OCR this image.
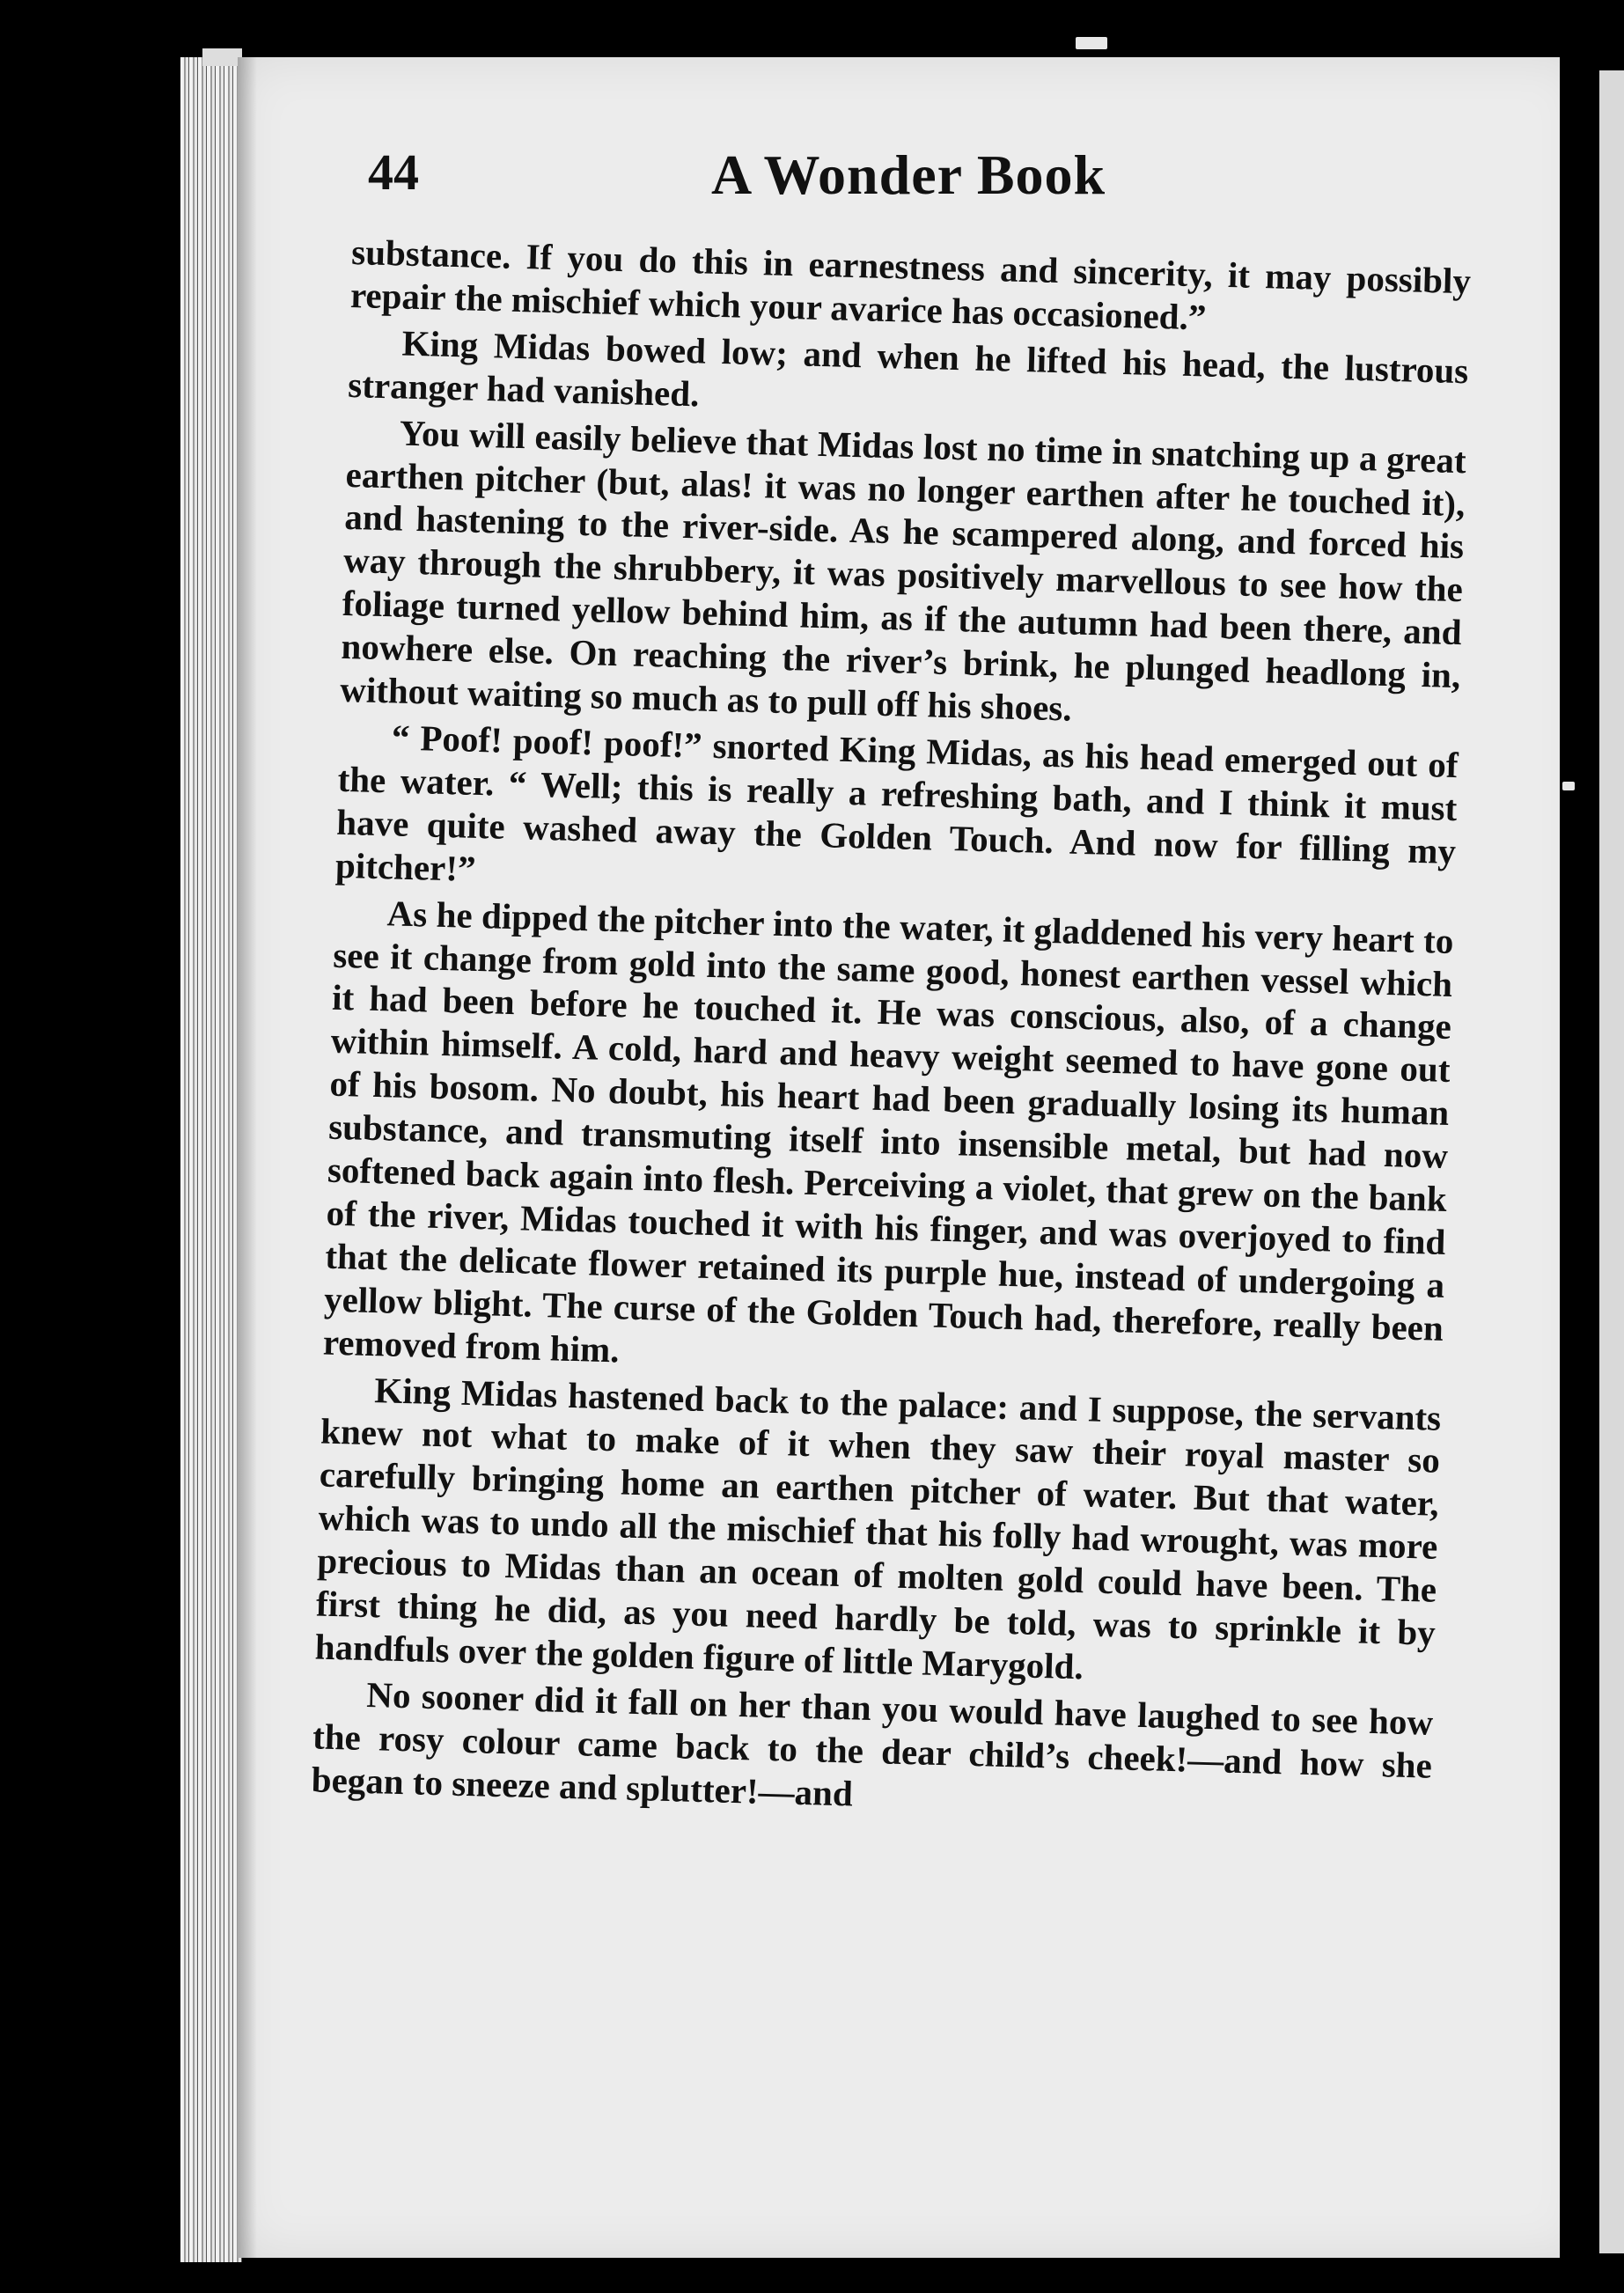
44	A Wonder Book

substance. If you do this in earnestness and sincerity, it may possibly repair the mischief which your avarice has occasioned.”

King Midas bowed low; and when he lifted his head, the lustrous stranger had vanished.

You will easily believe that Midas lost no time in snatching up a great earthen pitcher (but, alas! it was no longer earthen after he touched it), and hastening to the river-side. As he scampered along, and forced his way through the shrubbery, it was positively marvellous to see how the foliage turned yellow behind him, as if the autumn had been there, and nowhere else. On reaching the river’s brink, he plunged headlong in, without waiting so much as to pull off his shoes.

“ Poof! poof! poof!” snorted King Midas, as his head emerged out of the water. “ Well; this is really a refreshing bath, and I think it must have quite washed away the Golden Touch. And now for filling my pitcher!”

As he dipped the pitcher into the water, it gladdened his very heart to see it change from gold into the same good, honest earthen vessel which it had been before he touched it. He was conscious, also, of a change within himself. A cold, hard and heavy weight seemed to have gone out of his bosom. No doubt, his heart had been gradually losing its human substance, and transmuting itself into insensible metal, but had now softened back again into flesh. Perceiving a violet, that grew on the bank of the river, Midas touched it with his finger, and was overjoyed to find that the delicate flower retained its purple hue, instead of undergoing a yellow blight. The curse of the Golden Touch had, therefore, really been removed from him.

King Midas hastened back to the palace: and I suppose, the servants knew not what to make of it when they saw their royal master so carefully bringing home an earthen pitcher of water. But that water, which was to undo all the mischief that his folly had wrought, was more precious to Midas than an ocean of molten gold could have been. The first thing he did, as you need hardly be told, was to sprinkle it by handfuls over the golden figure of little Marygold.

No sooner did it fall on her than you would have laughed to see how the rosy colour came back to the dear child’s cheek!—and how she began to sneeze and splutter!—and
